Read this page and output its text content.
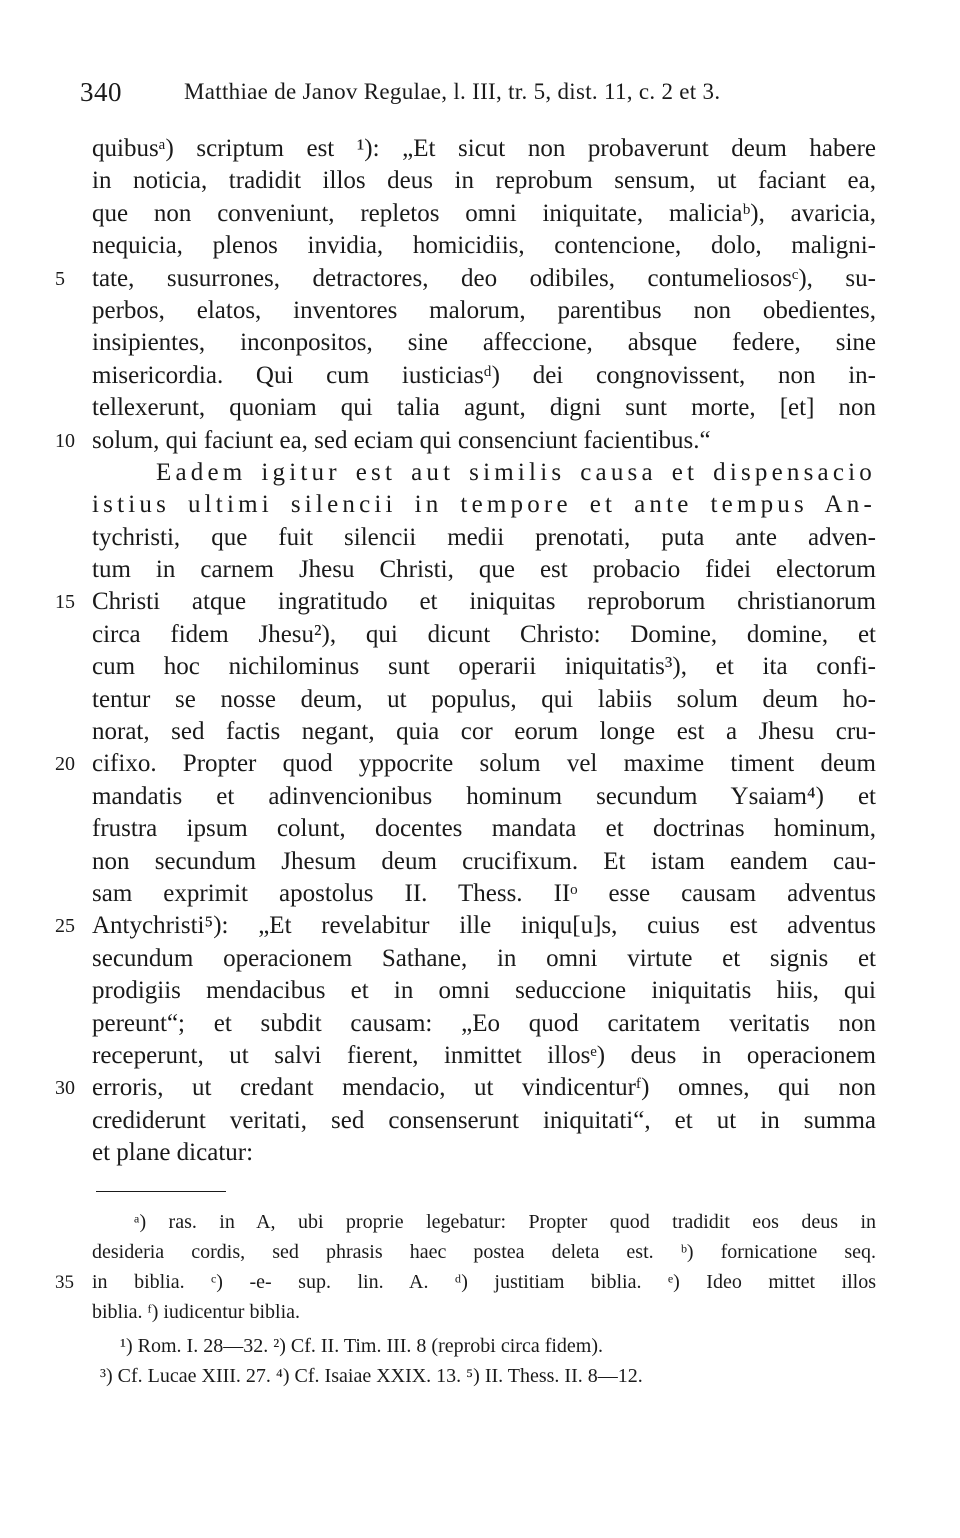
340	Matthiae de Janov Regulae, l. III, tr. 5, dist. 11, c. 2 et 3.
quibusᵃ) scriptum est ¹): „Et sicut non probaverunt deum habere
in noticia, tradidit illos deus in reprobum sensum, ut faciant ea,
que non conveniunt, repletos omni iniquitate, maliciaᵇ), avaricia,
nequicia, plenos invidia, homicidiis, contencione, dolo, maligni-
5	tate, susurrones, detractores, deo odibiles, contumeliososᶜ), su-
perbos, elatos, inventores malorum, parentibus non obedientes,
insipientes, inconpositos, sine affeccione, absque federe, sine
misericordia. Qui cum iusticiasᵈ) dei congnovissent, non in-
tellexerunt, quoniam qui talia agunt, digni sunt morte, [et] non
10 solum, qui faciunt ea, sed eciam qui consenciunt facientibus.“
Eadem igitur est aut similis causa et dispensacio
istius ultimi silencii in tempore et ante tempus An-
tychristi, que fuit silencii medii prenotati, puta ante adven-
tum in carnem Jhesu Christi, que est probacio fidei electorum
15 Christi atque ingratitudo et iniquitas reproborum christianorum
circa fidem Jhesu²), qui dicunt Christo: Domine, domine, et
cum hoc nichilominus sunt operarii iniquitatis³), et ita confi-
tentur se nosse deum, ut populus, qui labiis solum deum ho-
norat, sed factis negant, quia cor eorum longe est a Jhesu cru-
20 cifixo. Propter quod yppocrite solum vel maxime timent deum
mandatis et adinvencionibus hominum secundum Ysaiam⁴) et
frustra ipsum colunt, docentes mandata et doctrinas hominum,
non secundum Jhesum deum crucifixum. Et istam eandem cau-
sam exprimit apostolus II. Thess. IIᵒ esse causam adventus
25 Antychristi⁵): „Et revelabitur ille iniqu[u]s, cuius est adventus
secundum operacionem Sathane, in omni virtute et signis et
prodigiis mendacibus et in omni seduccione iniquitatis hiis, qui
pereunt“; et subdit causam: „Eo quod caritatem veritatis non
receperunt, ut salvi fierent, inmittet illosᵉ) deus in operacionem
30 erroris, ut credant mendacio, ut vindicenturᶠ) omnes, qui non
crediderunt veritati, sed consenserunt iniquitati“, et ut in summa
et plane dicatur:
ᵃ) ras. in A, ubi proprie legebatur: Propter quod tradidit eos deus in
desideria cordis, sed phrasis haec postea deleta est. ᵇ) fornicatione seq.
35 in biblia. ᶜ) -e- sup. lin. A. ᵈ) justitiam biblia. ᵉ) Ideo mittet illos
biblia. ᶠ) iudicentur biblia.
¹) Rom. I. 28—32. ²) Cf. II. Tim. III. 8 (reprobi circa fidem).
³) Cf. Lucae XIII. 27. ⁴) Cf. Isaiae XXIX. 13. ⁵) II. Thess. II. 8—12.
